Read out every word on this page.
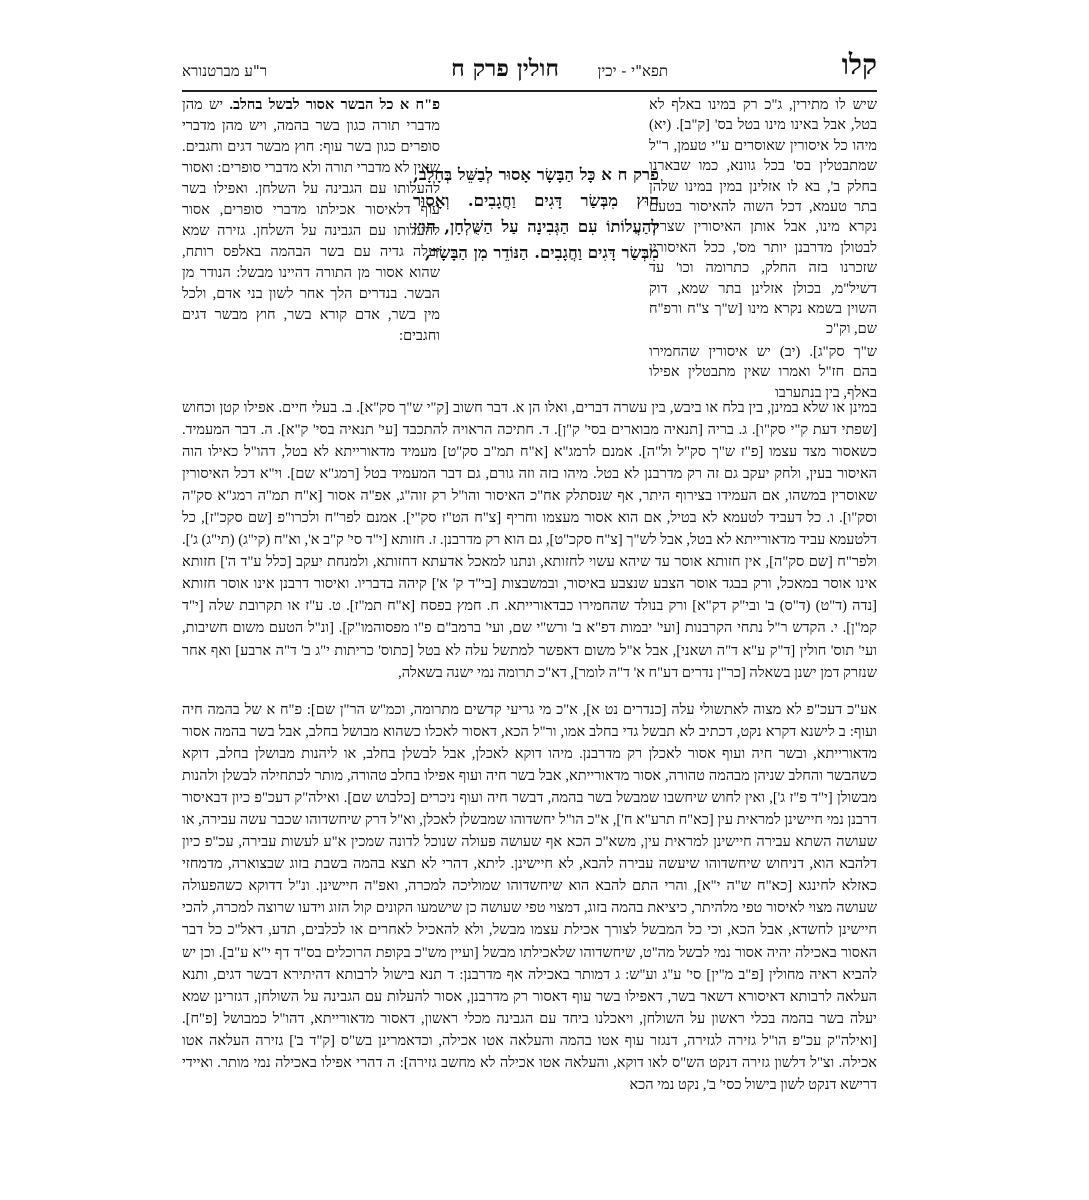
קלו
תפא"י - יכין
חולין פרק ח
ר"ע מברטנורא

שיש לו מתירין, ג"כ רק במינו באלף לא בטל, אבל באינו מינו בטל בס' [ק"ב]. (יא) מיהו כל איסורין שאוסרים ע"י טעמן, ר"ל שמתבטלין בס' בכל גוונא, כמו שבארנו בחלק ב', בא לו אזלינן במין במינו שלהן בתר טעמא, דכל השוה להאיסור בטעם נקרא מינו, אבל אותן האיסורין שצריך לבטולן מדרבנן יותר מס', ככל האיסורין שזכרנו בזה החלק, כתרומה וכו' עד דשיל"מ, בכולן אזלינן בתר שמא, דוק השוין בשמא נקרא מינו [ש"ך צ"ח ורפ"ח שם, וק"כ

פרק ח א כָּל הַבָּשָׂר אָסוּר לְבַשֵּׁל בְּחָלָב, חוּץ מִבְּשַׂר דָּגִים וַחֲגָבִים. וְאָסוּר לְהַעֲלוֹתוֹ עִם הַגְּבִינָה עַל הַשֻּׁלְחָן, חוּץ מִבְּשַׂר דָּגִים וַחֲגָבִים. הַנּוֹדֵר מִן הַבָּשָׂר,

פ"ח א כל הבשר אסור לבשל בחלב. יש מהן מדברי תורה כגון בשר בהמה, ויש מהן מדברי סופרים כגון בשר עוף: חוץ מבשר דגים וחגבים. שאין לא מדברי תורה ולא מדברי סופרים: ואסור להעלותו עם הגבינה על השלחן. ואפילו בשר עוף דלאיסור אכילתו מדברי סופרים, אסור להעלותו עם הגבינה על השלחן. גזירה שמא יעלה גדיה עם בשר הבהמה באלפס רותח, שהוא אסור מן התורה דהיינו מבשל: הנודר מן הבשר. בנדרים הלך אחר לשון בני אדם, ולכל מין בשר, אדם קורא בשר, חוץ מבשר דגים וחגבים:

ש"ך סק"ג]. (יב) יש איסורין שהחמירו בהם חז"ל ואמרו שאין מתבטלין אפילו באלף, בין בנתערבו

במינן או שלא במינן, בין בלח או ביבש, בין עשרה דברים, ואלו הן א. דבר חשוב [ק"י ש"ך סק"א]. ב. בעלי חיים. אפילו קטן וכחוש [שפתי דעת ק"י סק"ו]. ג. בריה [תנאיה מבוארים בסי' ק"ן]. ד. חתיכה הראויה להתכבד [עי' תנאיה בסי' ק"א]. ה. דבר המעמיד. כשאסור מצד עצמו [פ"ז ש"ך סק"ל ול"ה]. אמנם לרמג"א [א"ח תמ"ב סק"ט] מעמיד מדאורייתא לא בטל, דהו"ל כאילו הוה האיסור בעין, ולחק יעקב גם זה רק מדרבנן לא בטל. מיהו בזה וזה גורם, גם דבר המעמיד בטל [רמג"א שם]. וי"א דכל האיסורין שאוסרין במשהו, אם העמידו בצירוף היתר, אף שנסתלק אח"כ האיסור והו"ל רק זוה"ג, אפ"ה אסור [א"ח תמ"ה רמג"א סק"ה וסק"ו]. ו. כל דעביד לטעמא לא בטיל, אם הוא אסור מעצמו וחריף [צ"ח הט"ז סק"י]. אמנם לפר"ח ולכרו"פ [שם סקכ"ז], כל דלטעמא עביד מדאורייתא לא בטל, אבל לש"ך [צ"ח סקכ"ט], גם הוא רק מדרבנן. ז. חזותא [י"ד סי' ק"ב א', וא"ח (קי"ג) (תי"ג) ג']. ולפר"ח [שם סק"ה], אין חזותא אוסר עד שיהא עשוי לחזותא, ונתנו למאכל אדעתא דחזותא, ולמנחת יעקב [כלל ע"ד ה'] חזותא אינו אוסר במאכל, ורק בבגד אוסר הצבע שנצבע באיסור, ובמשבצות [בי"ד ק' א'] קיהה בדבריו. ואיסור דרבנן אינו אוסר חזותא [נדה (ד"ט) (ד"ס) ב' ובי"ק דק"א] ורק בנולד שהחמירו כבדאורייתא. ח. חמץ בפסח [א"ח תמ"ז]. ט. ע"ז או תקרובת שלה [י"ד קמ"ן]. י. הקדש ר"ל נתחי הקרבנות [ועי' יבמות דפ"א ב' ורש"י שם, ועי' ברמב"ם פ"ו מפסוהמו"ק]. [ונ"ל הטעם משום חשיבות, ועי' תוס' חולין [ד"ק ע"א ד"ה ושאני], אבל א"ל משום דאפשר למתשל עלה לא בטל [כתוס' כריתות י"ג ב' ד"ה ארבע] ואף אחר שנזרק דמן ישנן בשאלה [כר"ן נדרים דע"ח א' ד"ה לומר], דא"כ תרומה נמי ישנה בשאלה,

אע"כ דעכ"פ לא מצוה לאתשולי עלה [כנדרים נט א], א"כ מי גריעי קדשים מתרומה, וכמ"ש הר"ן שם]: פ"ח א של בהמה חיה ועוף: ב לישנא דקרא נקט, דכתיב לא תבשל גדי בחלב אמו, ור"ל הכא, דאסור לאכלו כשהוא מבושל בחלב, אבל בשר בהמה אסור מדאורייתא, ובשר חיה ועוף אסור לאכלן רק מדרבנן. מיהו דוקא לאכלן, אבל לבשלן בחלב, או ליהנות מבושלן בחלב, דוקא כשהבשר והחלב שניהן מבהמה טהורה, אסור מדאורייתא, אבל בשר חיה ועוף אפילו בחלב טהורה, מותר לכתחילה לבשלן ולהנות מבשולן [י"ד פ"ז ג'], ואין לחוש שיחשבו שמבשל בשר בהמה, דבשר חיה ועוף ניכרים [כלבוש שם]. ואילה"ק דעכ"פ כיון דבאיסור דרבנן נמי חיישינן למראית עין [כא"ח תרע"א ח'], א"כ הו"ל יחשדוהו שמבשלן לאכלן, וא"ל דרק שיחשדוהו שכבר עשה עבירה, או שעושה השתא עבירה חיישינן למראית עין, משא"כ הכא אף שעושה פעולה שנוכל לדונה שמכין א"ע לעשות עבירה, עכ"פ כיון דלהבא הוא, דניחוש שיחשדוהו שיעשה עבירה להבא, לא חיישינן. ליתא, דהרי לא תצא בהמה בשבת בזוג שבצוארה, מדמחזי כאזלא לחינגא [כא"ח ש"ה י"א], והרי התם להבא הוא שיחשדוהו שמוליכה למכרה, ואפ"ה חיישינן. ונ"ל דדוקא כשהפעולה שעושה מצוי לאיסור טפי מלהיתר, כיציאת בהמה בזוג, דמצוי טפי שעושה כן שישמעו הקונים קול הזוג וידעו שרוצה למכרה, להכי חיישינן לחשדא, אבל הכא, וכי כל המבשל לצורך אכילת עצמו מבשל, ולא להאכיל לאחרים או לכלבים, תדע, דאל"כ כל דבר האסור באכילה יהיה אסור נמי לבשל מה"ט, שיחשדוהו שלאכילתו מבשל [ועיין מש"כ בקופת הרוכלים בס"ד דף י"א ע"ב]. וכן יש להביא ראיה מחולין [פ"ב מ"ין] סי' ע"ג וע"ש: ג דמותר באכילה אף מדרבנן: ד תנא בישול לרבותא דהיתירא דבשר דגים, ותנא העלאה לרבותא דאיסורא דשאר בשר, דאפילו בשר עוף דאסור רק מדרבנן, אסור להעלות עם הגבינה על השולחן, דגזרינן שמא יעלה בשר בהמה בכלי ראשון על השולחן, ויאכלנו ביחד עם הגבינה מכלי ראשון, דאסור מדאורייתא, דהו"ל כמבושל [פ"ח]. [ואילה"ק עכ"פ הו"ל גזירה לגזירה, דנגזר עוף אטו בהמה והעלאה אטו אכילה, וכדאמרינן בש"ס [ק"ד ב'] גזירה העלאה אטו אכילה. וצ"ל דלשון גזירה דנקט הש"ס לאו דוקא, והעלאה אטו אכילה לא מחשב גזירה]: ה דהרי אפילו באכילה נמי מותר. ואיידי דרישא דנקט לשון בישול כסי' ב', נקט נמי הכא
